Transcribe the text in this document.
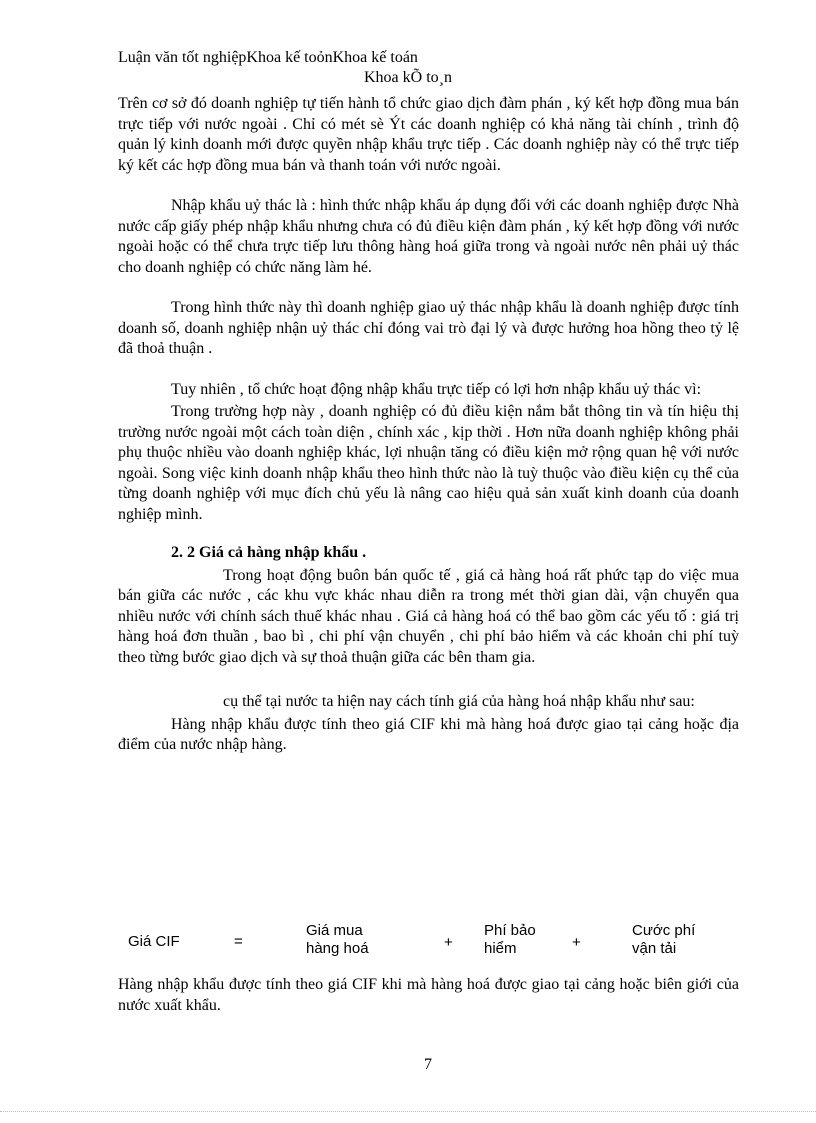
Luận văn tốt nghiệpKhoa kế toỏnKhoa kế toán
Khoa kÕ to¸n

Trên cơ sở đó doanh nghiệp tự tiến hành tổ chức giao dịch đàm phán , ký kết hợp đồng mua bán trực tiếp với nước ngoài . Chỉ có mét sè Ýt các doanh nghiệp có khả năng tài chính , trình độ quản lý kinh doanh mới được quyền nhập khẩu trực tiếp . Các doanh nghiệp này có thể trực tiếp ký kết các hợp đồng mua bán và thanh toán với nước ngoài.

Nhập khẩu uỷ thác là : hình thức nhập khẩu áp dụng đối với các doanh nghiệp được Nhà nước cấp giấy phép nhập khẩu nhưng chưa có đủ điều kiện đàm phán , ký kết hợp đồng với nước ngoài hoặc có thể chưa trực tiếp lưu thông hàng hoá giữa trong và ngoài nước nên phải uỷ thác cho doanh nghiệp có chức năng làm hé.

Trong hình thức này thì doanh nghiệp giao uỷ thác nhập khẩu là doanh nghiệp được tính doanh số, doanh nghiệp nhận uỷ thác chỉ đóng vai trò đại lý và được hưởng hoa hồng theo tỷ lệ đã thoả thuận .

Tuy nhiên , tổ chức hoạt động nhập khẩu trực tiếp có lợi hơn nhập khẩu uỷ thác vì:

Trong trường hợp này , doanh nghiệp có đủ điều kiện nắm bắt thông tin và tín hiệu thị trường nước ngoài một cách toàn diện , chính xác , kịp thời . Hơn nữa doanh nghiệp không phải phụ thuộc nhiều vào doanh nghiệp khác, lợi nhuận tăng có điều kiện mở rộng quan hệ với nước ngoài. Song việc kinh doanh nhập khẩu theo hình thức nào là tuỳ thuộc vào điều kiện cụ thể của từng doanh nghiệp với mục đích chủ yếu là nâng cao hiệu quả sản xuất kinh doanh của doanh nghiệp mình.

2. 2 Giá cả hàng nhập khẩu .

Trong hoạt động buôn bán quốc tế , giá cả hàng hoá rất phức tạp do việc mua bán giữa các nước , các khu vực khác nhau diễn ra trong mét thời gian dài, vận chuyển qua nhiều nước với chính sách thuế khác nhau . Giá cả hàng hoá có thể bao gồm các yếu tố : giá trị hàng hoá đơn thuần , bao bì , chi phí vận chuyển , chi phí bảo hiểm và các khoản chi phí tuỳ theo từng bước giao dịch và sự thoả thuận giữa các bên tham gia.

cụ thể tại nước ta hiện nay cách tính giá của hàng hoá nhập khẩu như sau:

Hàng nhập khẩu được tính theo giá CIF khi mà hàng hoá được giao tại cảng hoặc địa điểm của nước nhập hàng.

Giá CIF	=
Giá mua
hàng hoá	+
Phí bảo
hiểm	+
Cước phí
vận tải

Hàng nhập khẩu được tính theo giá CIF khi mà hàng hoá được giao tại cảng hoặc biên giới của nước xuất khẩu.

7
